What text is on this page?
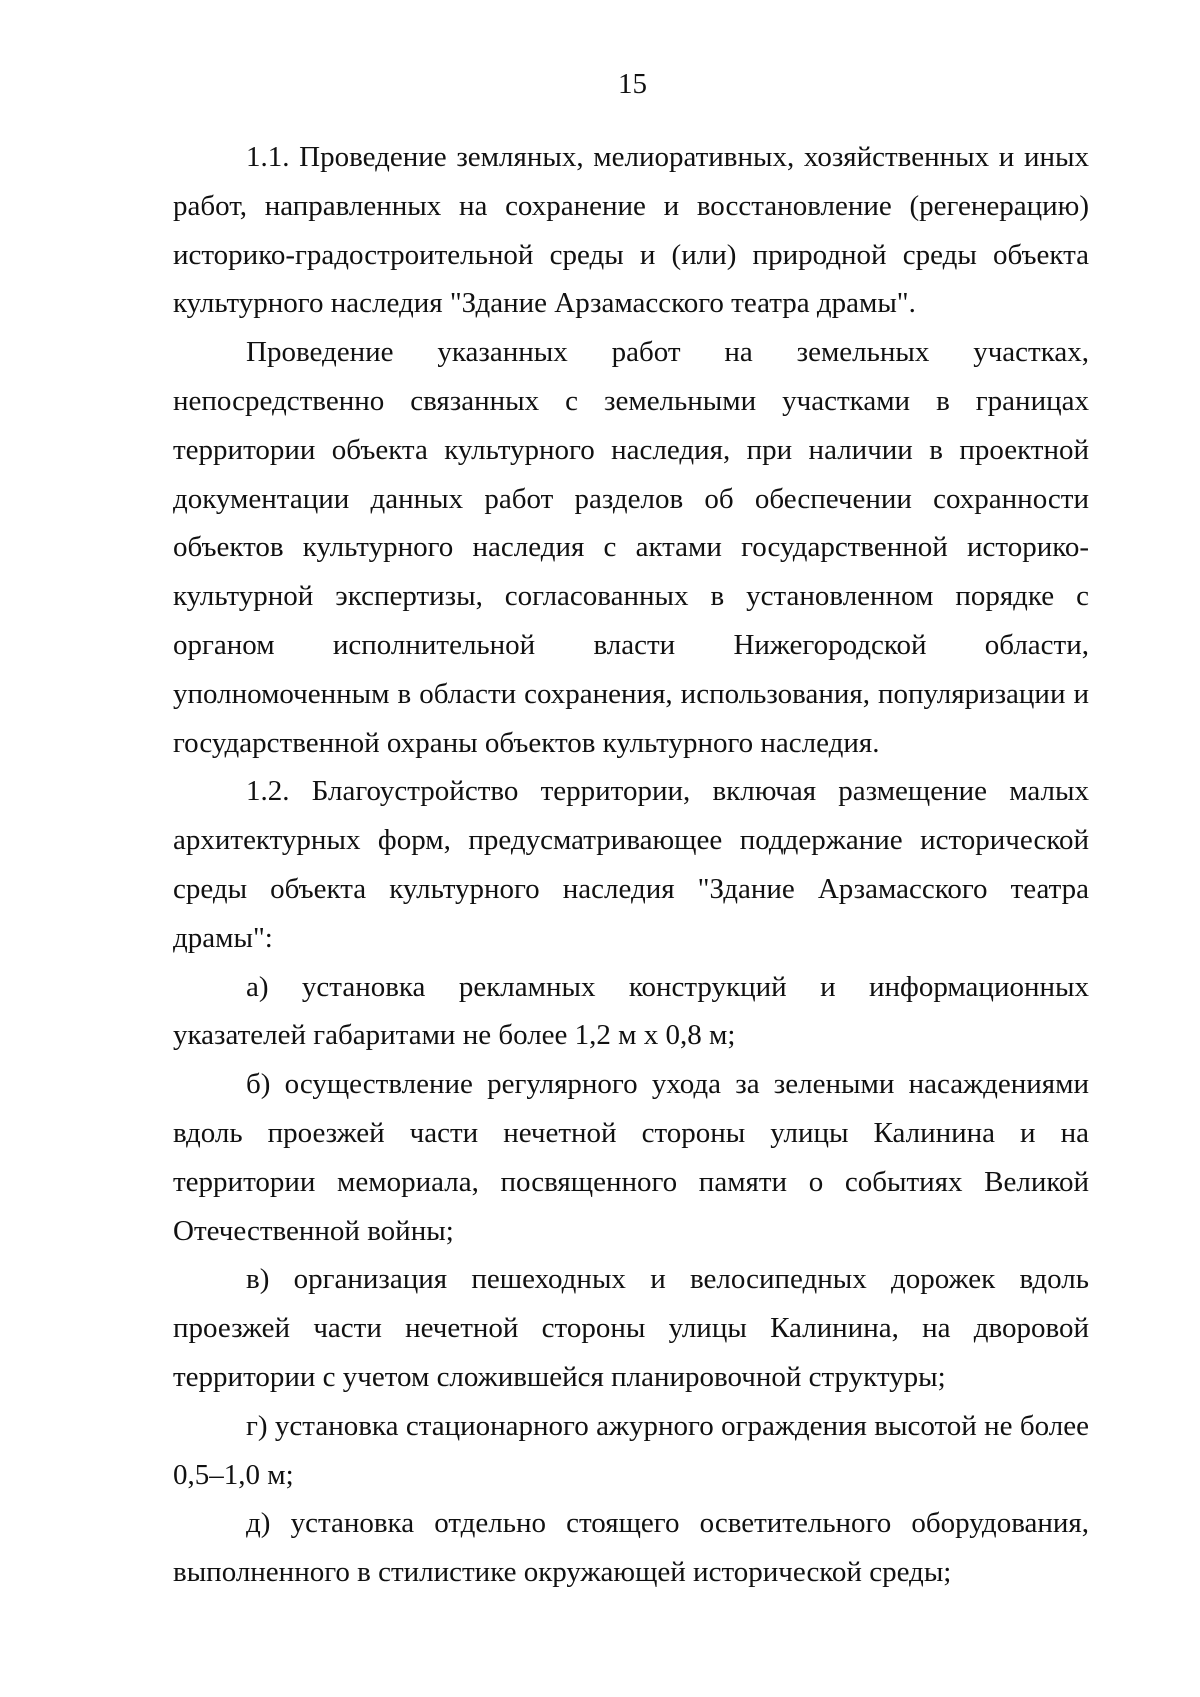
15

1.1. Проведение земляных, мелиоративных, хозяйственных и иных работ, направленных на сохранение и восстановление (регенерацию) историко-градостроительной среды и (или) природной среды объекта культурного наследия "Здание Арзамасского театра драмы".

Проведение указанных работ на земельных участках, непосредственно связанных с земельными участками в границах территории объекта культурного наследия, при наличии в проектной документации данных работ разделов об обеспечении сохранности объектов культурного наследия с актами государственной историко-культурной экспертизы, согласованных в установленном порядке с органом исполнительной власти Нижегородской области, уполномоченным в области сохранения, использования, популяризации и государственной охраны объектов культурного наследия.

1.2. Благоустройство территории, включая размещение малых архитектурных форм, предусматривающее поддержание исторической среды объекта культурного наследия "Здание Арзамасского театра драмы":

а) установка рекламных конструкций и информационных указателей габаритами не более 1,2 м х 0,8 м;

б) осуществление регулярного ухода за зелеными насаждениями вдоль проезжей части нечетной стороны улицы Калинина и на территории мемориала, посвященного памяти о событиях Великой Отечественной войны;

в) организация пешеходных и велосипедных дорожек вдоль проезжей части нечетной стороны улицы Калинина, на дворовой территории с учетом сложившейся планировочной структуры;

г) установка стационарного ажурного ограждения высотой не более 0,5–1,0 м;

д) установка отдельно стоящего осветительного оборудования, выполненного в стилистике окружающей исторической среды;
